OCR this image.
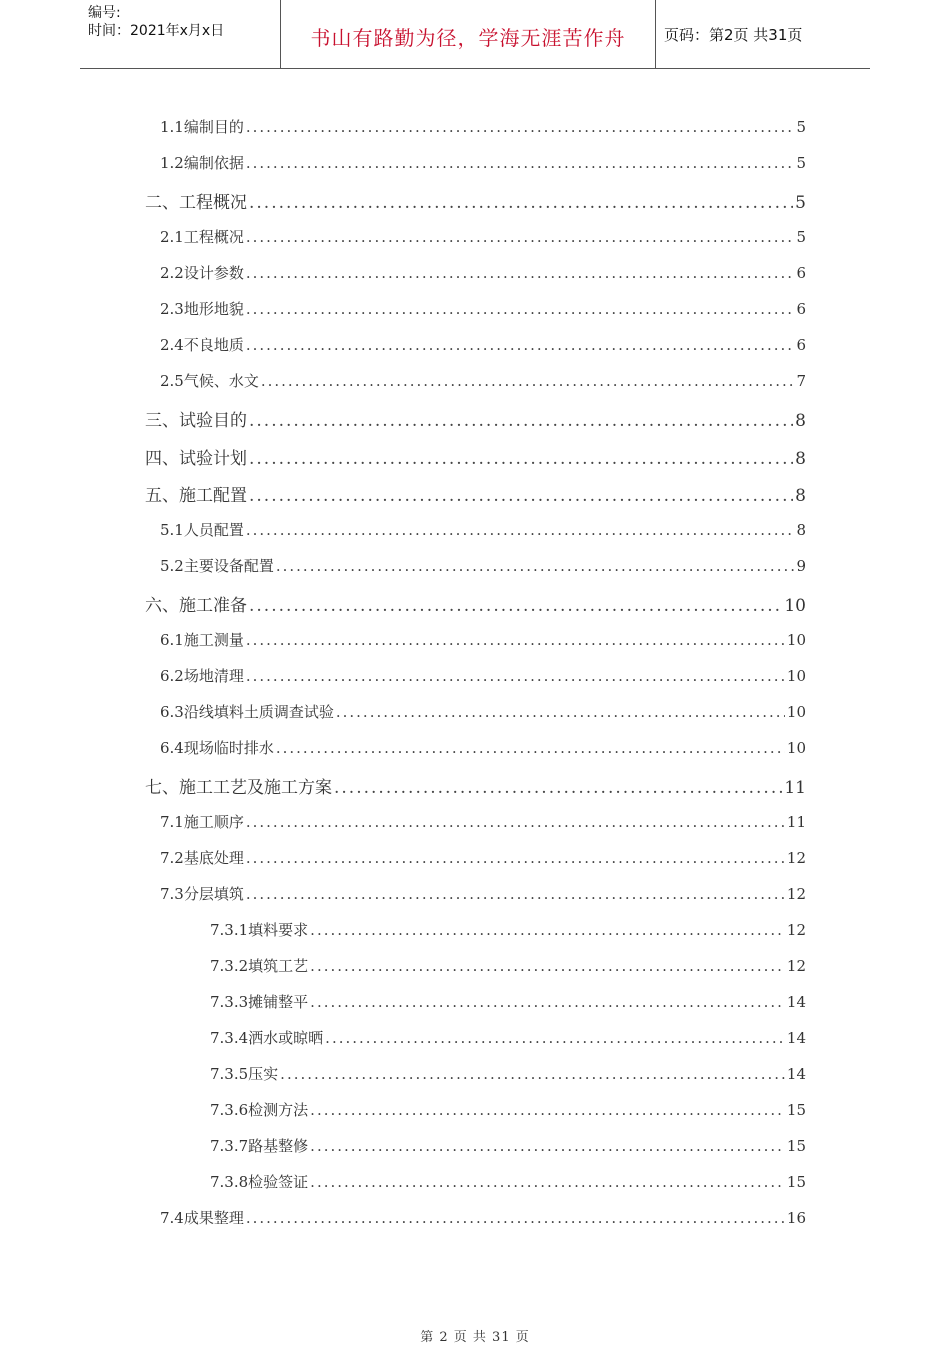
编号:
时间：2021年x月x日	书山有路勤为径，学海无涯苦作舟	页码：第2页 共31页
1.1编制目的 .....	5
1.2编制依据 .....	5
二、工程概况 .....	5
2.1工程概况 .....	5
2.2设计参数 .....	6
2.3地形地貌 .....	6
2.4不良地质 .....	6
2.5气候、水文 .....	7
三、试验目的 .....	8
四、试验计划 .....	8
五、施工配置 .....	8
5.1人员配置 .....	8
5.2主要设备配置 .....	9
六、施工准备 .....	10
6.1施工测量 .....	10
6.2场地清理 .....	10
6.3沿线填料土质调查试验 .....	10
6.4现场临时排水 .....	10
七、施工工艺及施工方案 .....	11
7.1施工顺序 .....	11
7.2基底处理 .....	12
7.3分层填筑 .....	12
7.3.1填料要求 .....	12
7.3.2填筑工艺 .....	12
7.3.3摊铺整平 .....	14
7.3.4洒水或晾晒 .....	14
7.3.5压实 .....	14
7.3.6检测方法 .....	15
7.3.7路基整修 .....	15
7.3.8检验签证 .....	15
7.4成果整理 .....	16
第 2 页 共 31 页
